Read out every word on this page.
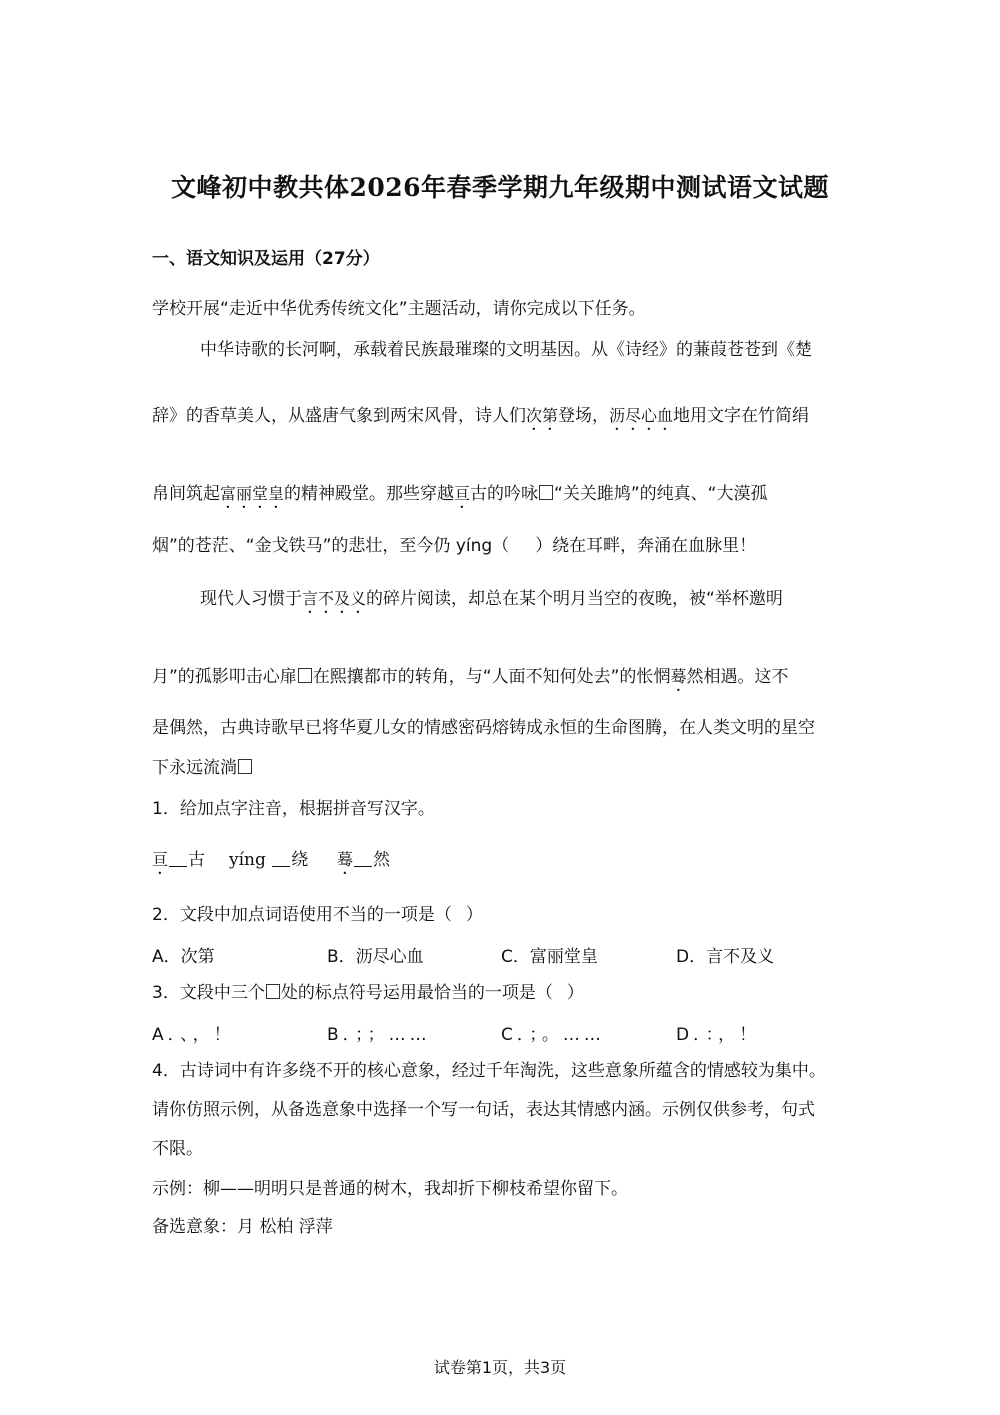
文峰初中教共体2026年春季学期九年级期中测试语文试题
一、语文知识及运用（27分）
学校开展“走近中华优秀传统文化”主题活动，请你完成以下任务。
中华诗歌的长河啊，承载着民族最璀璨的文明基因。从《诗经》的蒹葭苍苍到《楚
辞》的香草美人，从盛唐气象到两宋风骨，诗人们次第登场，沥尽心血地用文字在竹简绢
帛间筑起富丽堂皇的精神殿堂。那些穿越亘古的吟咏 “关关雎鸠”的纯真、“大漠孤
烟”的苍茫、“金戈铁马”的悲壮，至今仍 yíng（ ）绕在耳畔，奔涌在血脉里！
现代人习惯于言不及义的碎片阅读，却总在某个明月当空的夜晚，被“举杯邀明
月”的孤影叩击心扉 在熙攘都市的转角，与“人面不知何处去”的怅惘蓦然相遇。这不
是偶然，古典诗歌早已将华夏儿女的情感密码熔铸成永恒的生命图腾，在人类文明的星空
下永远流淌
1．给加点字注音，根据拼音写汉字。
亘 古 yíng 绕 蓦 然
2．文段中加点词语使用不当的一项是（ ）
A．次第	B．沥尽心血	C．富丽堂皇	D．言不及义
3．文段中三个 处的标点符号运用最恰当的一项是（ ）
A．、，！	B．；；……	C．；。……	D．：，！
4．古诗词中有许多绕不开的核心意象，经过千年淘洗，这些意象所蕴含的情感较为集中。
请你仿照示例，从备选意象中选择一个写一句话，表达其情感内涵。示例仅供参考，句式
不限。
示例：柳——明明只是普通的树木，我却折下柳枝希望你留下。
备选意象：月 松柏 浮萍
试卷第1页，共3页
